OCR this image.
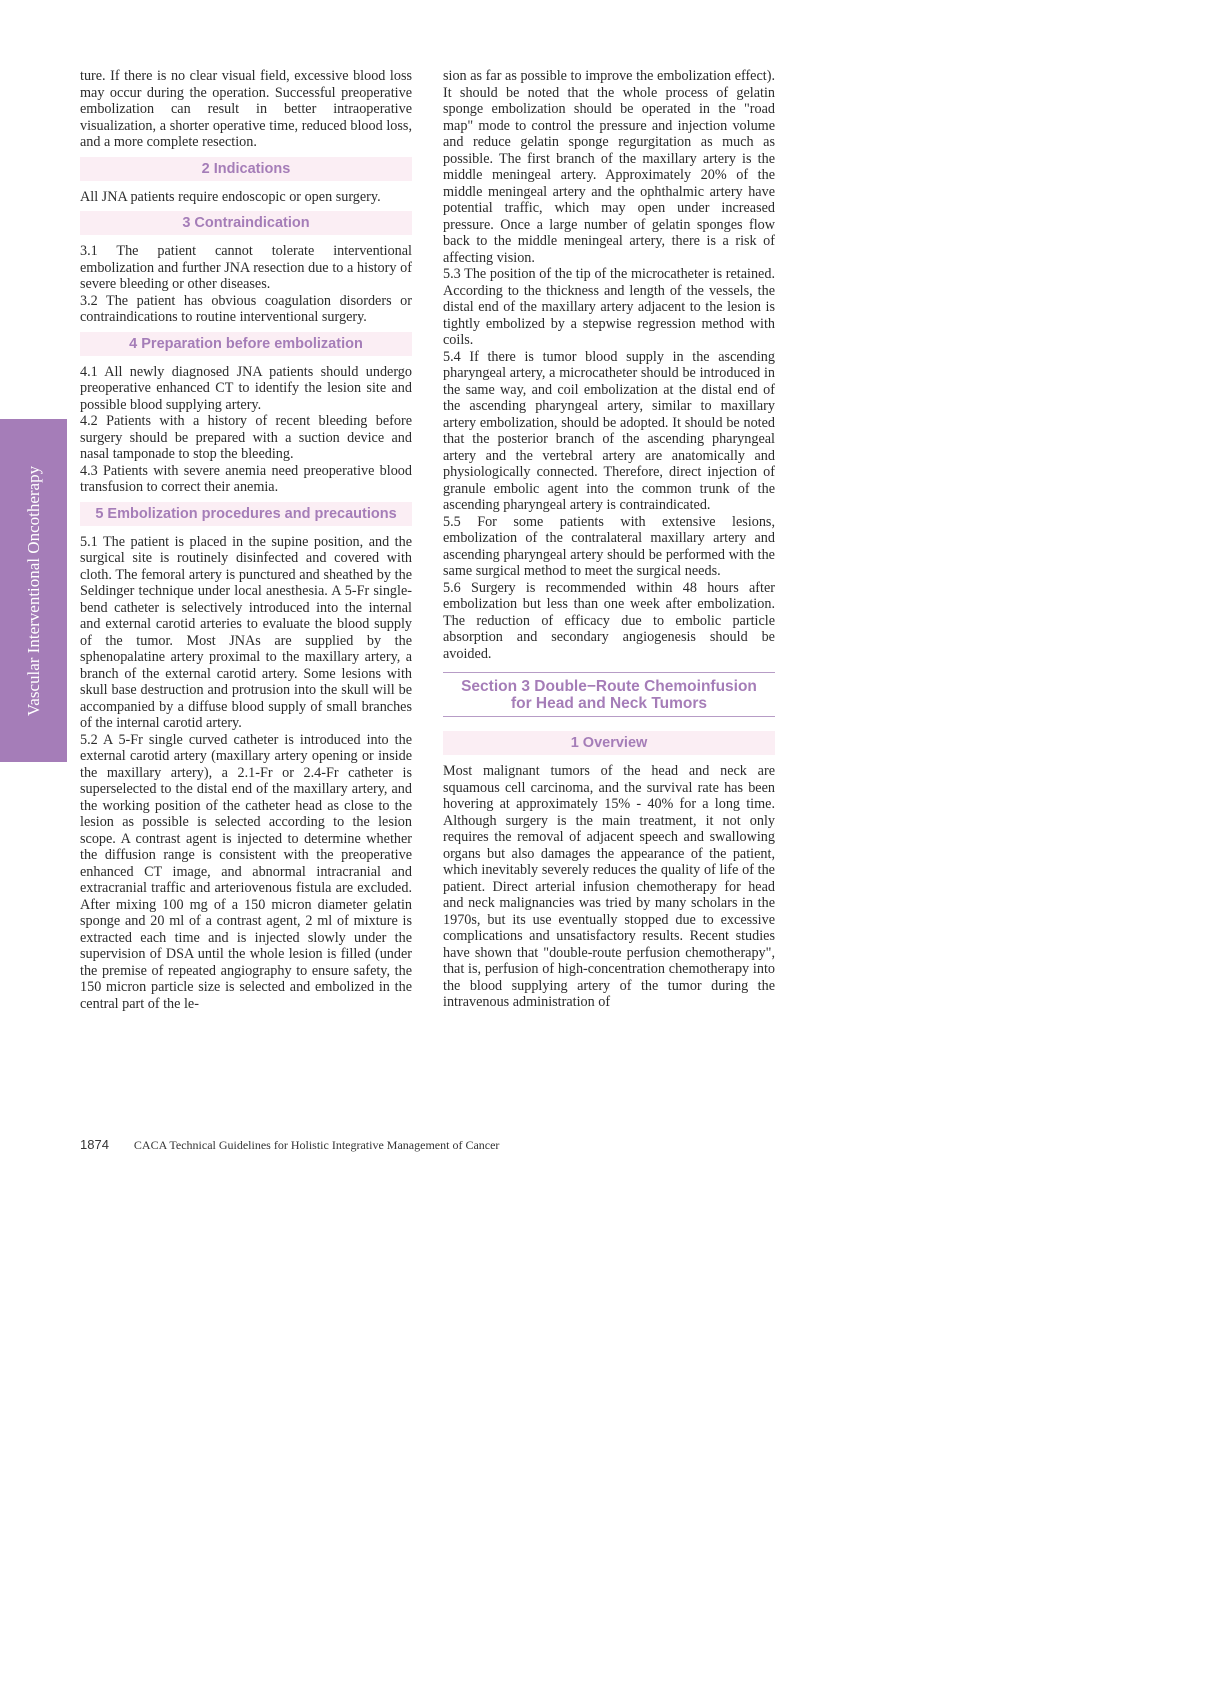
Vascular Interventional Oncotherapy

ture. If there is no clear visual field, excessive blood loss may occur during the operation. Successful preoperative embolization can result in better intraoperative visualization, a shorter operative time, reduced blood loss, and a more complete resection.

2 Indications

All JNA patients require endoscopic or open surgery.

3 Contraindication

3.1 The patient cannot tolerate interventional embolization and further JNA resection due to a history of severe bleeding or other diseases.

3.2 The patient has obvious coagulation disorders or contraindications to routine interventional surgery.

4 Preparation before embolization

4.1 All newly diagnosed JNA patients should undergo preoperative enhanced CT to identify the lesion site and possible blood supplying artery.

4.2 Patients with a history of recent bleeding before surgery should be prepared with a suction device and nasal tamponade to stop the bleeding.

4.3 Patients with severe anemia need preoperative blood transfusion to correct their anemia.

5 Embolization procedures and precautions

5.1 The patient is placed in the supine position, and the surgical site is routinely disinfected and covered with cloth. The femoral artery is punctured and sheathed by the Seldinger technique under local anesthesia. A 5-Fr single-bend catheter is selectively introduced into the internal and external carotid arteries to evaluate the blood supply of the tumor. Most JNAs are supplied by the sphenopalatine artery proximal to the maxillary artery, a branch of the external carotid artery. Some lesions with skull base destruction and protrusion into the skull will be accompanied by a diffuse blood supply of small branches of the internal carotid artery.

5.2 A 5-Fr single curved catheter is introduced into the external carotid artery (maxillary artery opening or inside the maxillary artery), a 2.1-Fr or 2.4-Fr catheter is superselected to the distal end of the maxillary artery, and the working position of the catheter head as close to the lesion as possible is selected according to the lesion scope. A contrast agent is injected to determine whether the diffusion range is consistent with the preoperative enhanced CT image, and abnormal intracranial and extracranial traffic and arteriovenous fistula are excluded. After mixing 100 mg of a 150 micron diameter gelatin sponge and 20 ml of a contrast agent, 2 ml of mixture is extracted each time and is injected slowly under the supervision of DSA until the whole lesion is filled (under the premise of repeated angiography to ensure safety, the 150 micron particle size is selected and embolized in the central part of the le-

sion as far as possible to improve the embolization effect). It should be noted that the whole process of gelatin sponge embolization should be operated in the "road map" mode to control the pressure and injection volume and reduce gelatin sponge regurgitation as much as possible. The first branch of the maxillary artery is the middle meningeal artery. Approximately 20% of the middle meningeal artery and the ophthalmic artery have potential traffic, which may open under increased pressure. Once a large number of gelatin sponges flow back to the middle meningeal artery, there is a risk of affecting vision.

5.3 The position of the tip of the microcatheter is retained. According to the thickness and length of the vessels, the distal end of the maxillary artery adjacent to the lesion is tightly embolized by a stepwise regression method with coils.

5.4 If there is tumor blood supply in the ascending pharyngeal artery, a microcatheter should be introduced in the same way, and coil embolization at the distal end of the ascending pharyngeal artery, similar to maxillary artery embolization, should be adopted. It should be noted that the posterior branch of the ascending pharyngeal artery and the vertebral artery are anatomically and physiologically connected. Therefore, direct injection of granule embolic agent into the common trunk of the ascending pharyngeal artery is contraindicated.

5.5 For some patients with extensive lesions, embolization of the contralateral maxillary artery and ascending pharyngeal artery should be performed with the same surgical method to meet the surgical needs.

5.6 Surgery is recommended within 48 hours after embolization but less than one week after embolization. The reduction of efficacy due to embolic particle absorption and secondary angiogenesis should be avoided.

Section 3 Double−Route Chemoinfusion
for Head and Neck Tumors
1 Overview

Most malignant tumors of the head and neck are squamous cell carcinoma, and the survival rate has been hovering at approximately 15% - 40% for a long time. Although surgery is the main treatment, it not only requires the removal of adjacent speech and swallowing organs but also damages the appearance of the patient, which inevitably severely reduces the quality of life of the patient. Direct arterial infusion chemotherapy for head and neck malignancies was tried by many scholars in the 1970s, but its use eventually stopped due to excessive complications and unsatisfactory results. Recent studies have shown that "double-route perfusion chemotherapy", that is, perfusion of high-concentration chemotherapy into the blood supplying artery of the tumor during the intravenous administration of

1874 CACA Technical Guidelines for Holistic Integrative Management of Cancer
